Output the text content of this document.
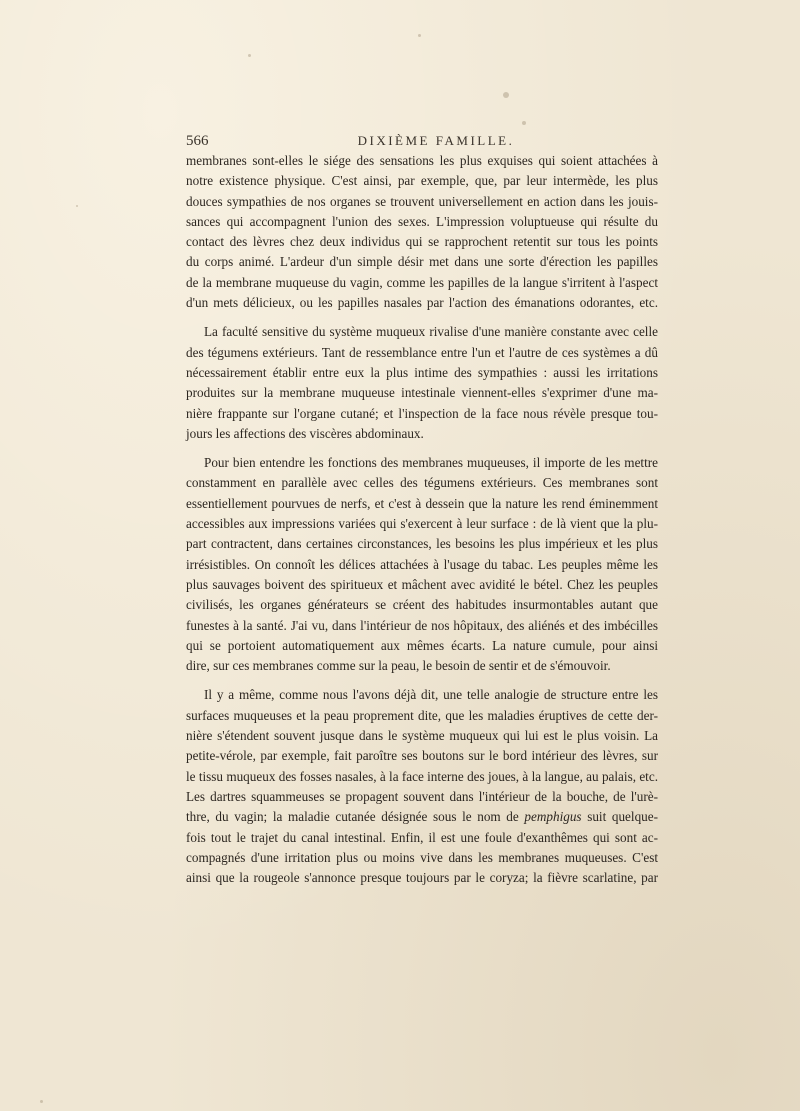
566	DIXIÈME FAMILLE.
membranes sont-elles le siége des sensations les plus exquises qui soient attachées à
notre existence physique. C'est ainsi, par exemple, que, par leur intermède, les plus
douces sympathies de nos organes se trouvent universellement en action dans les jouis-
sances qui accompagnent l'union des sexes. L'impression voluptueuse qui résulte du
contact des lèvres chez deux individus qui se rapprochent retentit sur tous les points
du corps animé. L'ardeur d'un simple désir met dans une sorte d'érection les papilles
de la membrane muqueuse du vagin, comme les papilles de la langue s'irritent à l'aspect
d'un mets délicieux, ou les papilles nasales par l'action des émanations odorantes, etc.
La faculté sensitive du système muqueux rivalise d'une manière constante avec celle
des tégumens extérieurs. Tant de ressemblance entre l'un et l'autre de ces systèmes a dû
nécessairement établir entre eux la plus intime des sympathies : aussi les irritations
produites sur la membrane muqueuse intestinale viennent-elles s'exprimer d'une ma-
nière frappante sur l'organe cutané; et l'inspection de la face nous révèle presque tou-
jours les affections des viscères abdominaux.
Pour bien entendre les fonctions des membranes muqueuses, il importe de les mettre
constamment en parallèle avec celles des tégumens extérieurs. Ces membranes sont
essentiellement pourvues de nerfs, et c'est à dessein que la nature les rend éminemment
accessibles aux impressions variées qui s'exercent à leur surface : de là vient que la plu-
part contractent, dans certaines circonstances, les besoins les plus impérieux et les plus
irrésistibles. On connoît les délices attachées à l'usage du tabac. Les peuples même les
plus sauvages boivent des spiritueux et mâchent avec avidité le bétel. Chez les peuples
civilisés, les organes générateurs se créent des habitudes insurmontables autant que
funestes à la santé. J'ai vu, dans l'intérieur de nos hôpitaux, des aliénés et des imbécilles
qui se portoient automatiquement aux mêmes écarts. La nature cumule, pour ainsi
dire, sur ces membranes comme sur la peau, le besoin de sentir et de s'émouvoir.
Il y a même, comme nous l'avons déjà dit, une telle analogie de structure entre les
surfaces muqueuses et la peau proprement dite, que les maladies éruptives de cette der-
nière s'étendent souvent jusque dans le système muqueux qui lui est le plus voisin. La
petite-vérole, par exemple, fait paroître ses boutons sur le bord intérieur des lèvres, sur
le tissu muqueux des fosses nasales, à la face interne des joues, à la langue, au palais, etc.
Les dartres squammeuses se propagent souvent dans l'intérieur de la bouche, de l'urè-
thre, du vagin; la maladie cutanée désignée sous le nom de pemphigus suit quelque-
fois tout le trajet du canal intestinal. Enfin, il est une foule d'exanthêmes qui sont ac-
compagnés d'une irritation plus ou moins vive dans les membranes muqueuses. C'est
ainsi que la rougeole s'annonce presque toujours par le coryza; la fièvre scarlatine, par
